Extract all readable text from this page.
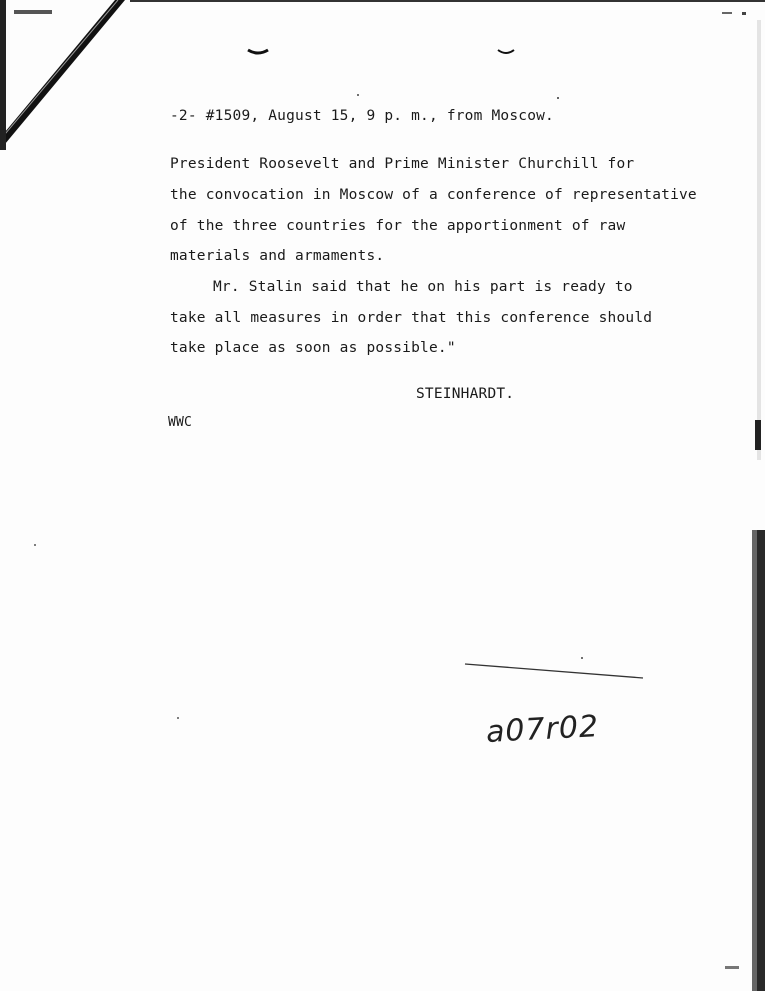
-2- #1509, August 15, 9 p. m., from Moscow.
President Roosevelt and Prime Minister Churchill for
the convocation in Moscow of a conference of representative
of the three countries for the apportionment of raw
materials and armaments.
Mr. Stalin said that he on his part is ready to
take all measures in order that this conference should
take place as soon as possible."
STEINHARDT.
WWC
a07r02
